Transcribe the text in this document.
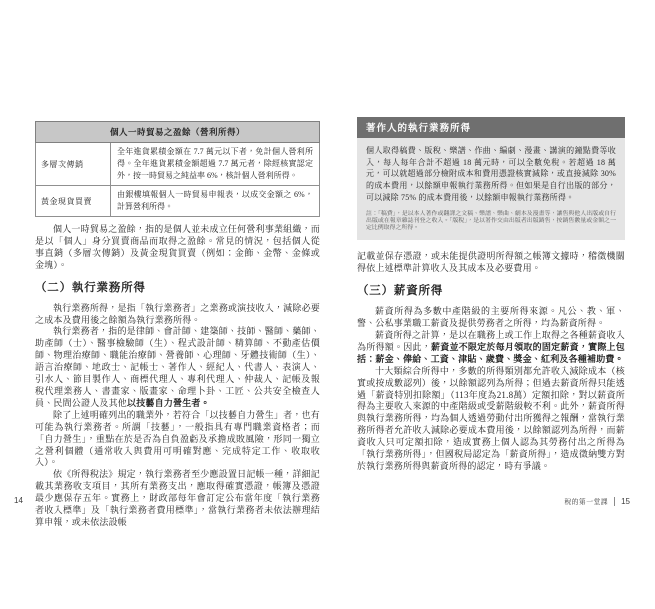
個人一時貿易之盈餘（營利所得）	
多層次傳銷	全年進貨累積金額在 7.7 萬元以下者，免計個人營利所得。全年進貨累積金額超過 7.7 萬元者，除經核實認定外，按一時貿易之純益率 6%，核計個人營利所得。
黃金現貨買賣	由銀樓填報個人一時貿易申報表，以成交金額之 6%，計算營利所得。

個人一時貿易之盈餘，指的是個人並未成立任何營利事業組織，而是以「個人」身分買賣商品而取得之盈餘。常見的情況，包括個人從事直銷（多層次傳銷）及黃金現貨買賣（例如：金飾、金幣、金條或金塊）。

（二）執行業務所得

執行業務所得，是指「執行業務者」之業務或演技收入，減除必要之成本及費用後之餘額為執行業務所得。

執行業務者，指的是律師、會計師、建築師、技師、醫師、藥師、助產師（士）、醫事檢驗師（生）、程式設計師、精算師、不動產估價師、物理治療師、職能治療師、營養師、心理師、牙體技術師（生）、語言治療師、地政士、記帳士、著作人、經紀人、代書人、表演人、引水人、節目製作人、商標代理人、專利代理人、仲裁人、記帳及報稅代理業務人、書畫家、版畫家、命理卜卦、工匠、公共安全檢查人員、民間公證人及其他以技藝自力營生者。

除了上述明確列出的職業外，若符合「以技藝自力營生」者，也有可能為執行業務者。所謂「技藝」，一般指具有專門職業資格者；而「自力營生」，重點在於是否為自負盈虧及承擔成敗風險，形同一獨立之營利個體（通常收入與費用可明確對應、完成特定工作、收取收入）。

依《所得稅法》規定，執行業務者至少應設置日記帳一種，詳細記載其業務收支項目，其所有業務支出，應取得確實憑證，帳簿及憑證最少應保存五年。實務上，財政部每年會訂定公布當年度「執行業務者收入標準」及「執行業務者費用標準」，當執行業務者未依法辦理結算申報，或未依法設帳

著作人的執行業務所得

個人取得稿費、版稅、樂譜、作曲、編劇、漫畫、講演的鐘點費等收入，每人每年合計不超過 18 萬元時，可以全數免稅。若超過 18 萬元，可以就超過部分檢附成本和費用憑證核實減除，或直接減除 30% 的成本費用，以餘額申報執行業務所得。但如果是自行出版的部分，可以減除 75% 的成本費用後，以餘額申報執行業務所得。

註：「稿費」，是以本人著作或翻譯之文稿、樂譜、樂曲、劇本及漫畫等，讓售與他人出版或自行出版或在報章雜誌刊登之收入。「版稅」，是以著作交由出版者出版銷售，按銷售數量或金額之一定比例取得之所得。

記載並保存憑證，或未能提供證明所得額之帳簿文據時，稽徵機關得依上述標準計算收入及其成本及必要費用。

（三）薪資所得

薪資所得為多數中產階級的主要所得來源。凡公、教、軍、警、公私事業職工薪資及提供勞務者之所得，均為薪資所得。

薪資所得之計算，是以在職務上或工作上取得之各種薪資收入為所得額。因此，薪資並不限定於每月領取的固定薪資，實際上包括：薪金、俸給、工資、津貼、歲費、獎金、紅利及各種補助費。

十大類綜合所得中，多數的所得類別都允許收入減除成本（核實或按成數認列）後，以餘額認列為所得；但過去薪資所得只能透過「薪資特別扣除額」（113年度為21.8萬）定額扣除，對以薪資所得為主要收入來源的中產階級或受薪階級較不利。此外，薪資所得與執行業務所得，均為個人透過勞動付出所獲得之報酬，當執行業務所得者允許收入減除必要成本費用後，以餘額認列為所得，而薪資收入只可定額扣除，造成實務上個人認為其勞務付出之所得為「執行業務所得」，但國稅局認定為「薪資所得」，造成徵納雙方對於執行業務所得與薪資所得的認定，時有爭議。

14	稅的第一堂課 15
